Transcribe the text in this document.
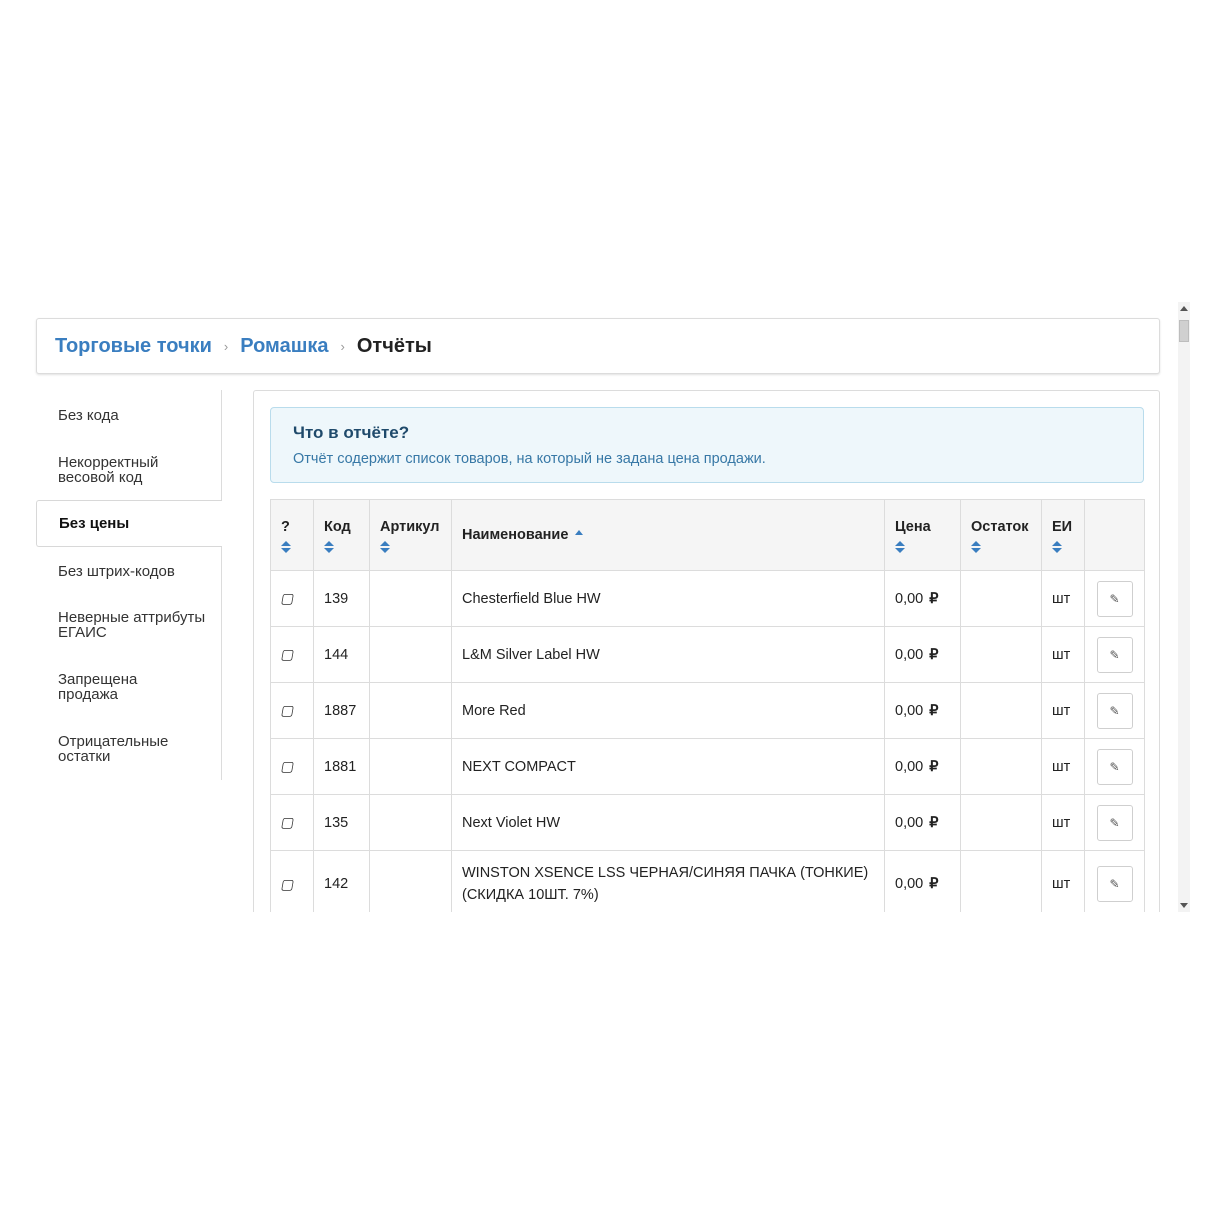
Торговые точки › Ромашка › Отчёты
Без кода
Некорректный весовой код
Без цены
Без штрих-кодов
Неверные аттрибуты ЕГАИС
Запрещена продажа
Отрицательные остатки
Что в отчёте?
Отчёт содержит список товаров, на который не задана цена продажи.
?	Код	Артикул	Наименование	Цена	Остаток	ЕИ	

▢	139		Chesterfield Blue HW	0,00 ₽		шт	✎

▢	144		L&M Silver Label HW	0,00 ₽		шт	✎

▢	1887		More Red	0,00 ₽		шт	✎

▢	1881		NEXT COMPACT	0,00 ₽		шт	✎

▢	135		Next Violet HW	0,00 ₽		шт	✎

▢	142		WINSTON XSENCE LSS ЧЕРНАЯ/СИНЯЯ ПАЧКА (ТОНКИЕ) (СКИДКА 10ШТ. 7%)	0,00 ₽		шт	✎
